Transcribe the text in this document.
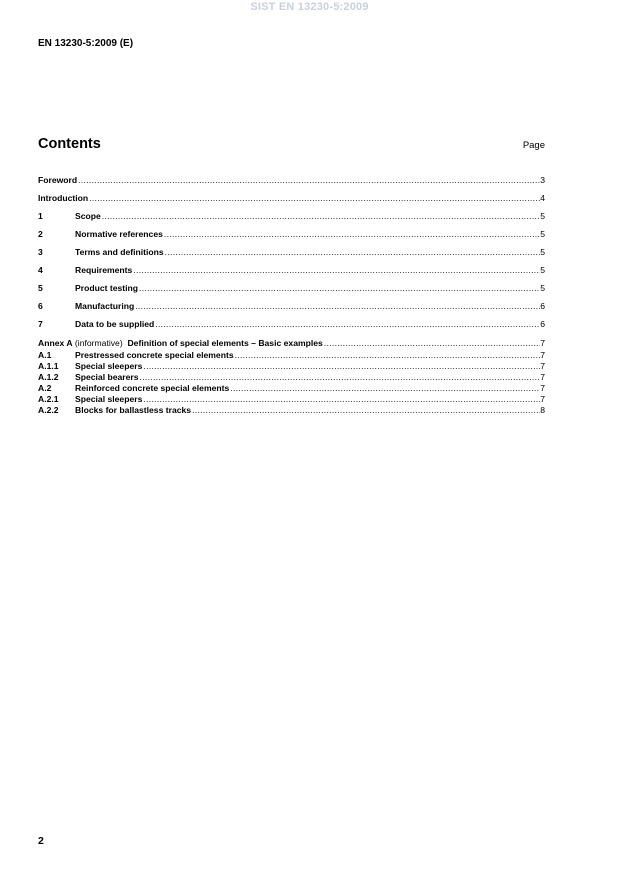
SIST EN 13230-5:2009
EN 13230-5:2009 (E)
Contents	Page
Foreword .....	3
Introduction .....	4
1	Scope .....	5
2	Normative references .....	5
3	Terms and definitions .....	5
4	Requirements .....	5
5	Product testing .....	5
6	Manufacturing .....	6
7	Data to be supplied .....	6
Annex A (informative)  Definition of special elements – Basic examples .....	7
A.1	Prestressed concrete special elements .....	7
A.1.1	Special sleepers .....	7
A.1.2	Special bearers .....	7
A.2	Reinforced concrete special elements .....	7
A.2.1	Special sleepers .....	7
A.2.2	Blocks for ballastless tracks .....	8
2
